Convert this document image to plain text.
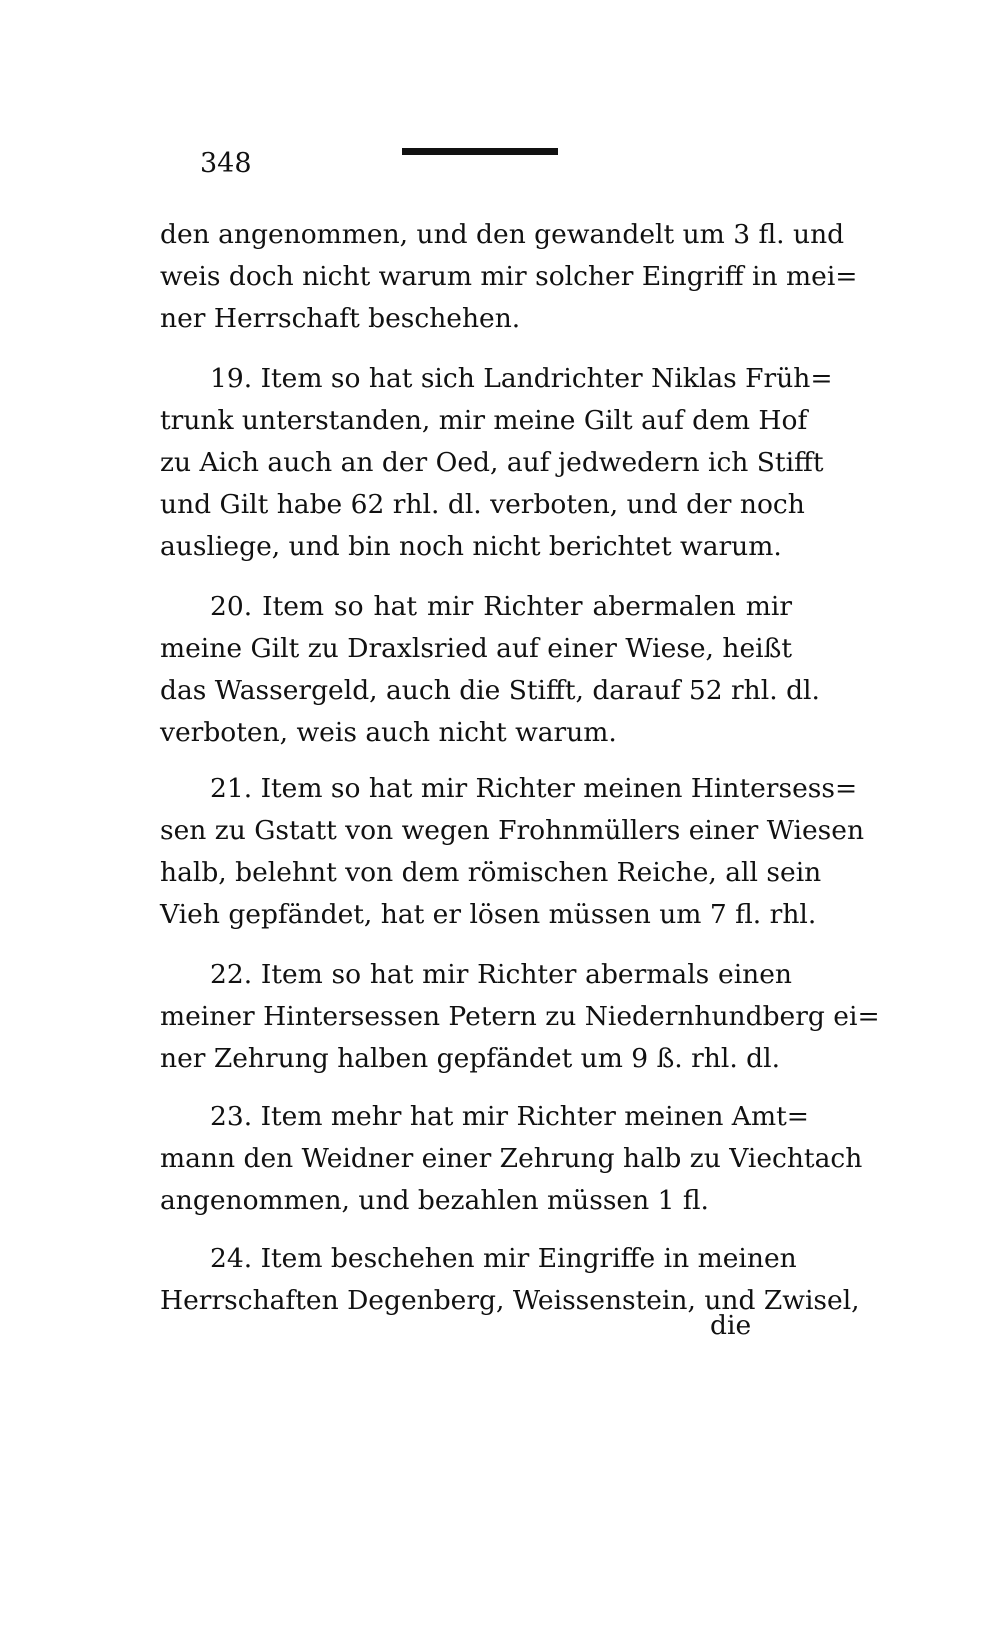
348
den angenommen, und den gewandelt um 3 fl. und
weis doch nicht warum mir solcher Eingriff in mei=
ner Herrschaft beschehen.
19. Item so hat sich Landrichter Niklas Früh=
trunk unterstanden, mir meine Gilt auf dem Hof
zu Aich auch an der Oed, auf jedwedern ich Stifft
und Gilt habe 62 rhl. dl. verboten, und der noch
ausliege, und bin noch nicht berichtet warum.
20. Item so hat mir Richter abermalen mir
meine Gilt zu Draxlsried auf einer Wiese, heißt
das Wassergeld, auch die Stifft, darauf 52 rhl. dl.
verboten, weis auch nicht warum.
21. Item so hat mir Richter meinen Hintersess=
sen zu Gstatt von wegen Frohnmüllers einer Wiesen
halb, belehnt von dem römischen Reiche, all sein
Vieh gepfändet, hat er lösen müssen um 7 fl. rhl.
22. Item so hat mir Richter abermals einen
meiner Hintersessen Petern zu Niedernhundberg ei=
ner Zehrung halben gepfändet um 9 ß. rhl. dl.
23. Item mehr hat mir Richter meinen Amt=
mann den Weidner einer Zehrung halb zu Viechtach
angenommen, und bezahlen müssen 1 fl.
24. Item beschehen mir Eingriffe in meinen
Herrschaften Degenberg, Weissenstein, und Zwisel,
die
